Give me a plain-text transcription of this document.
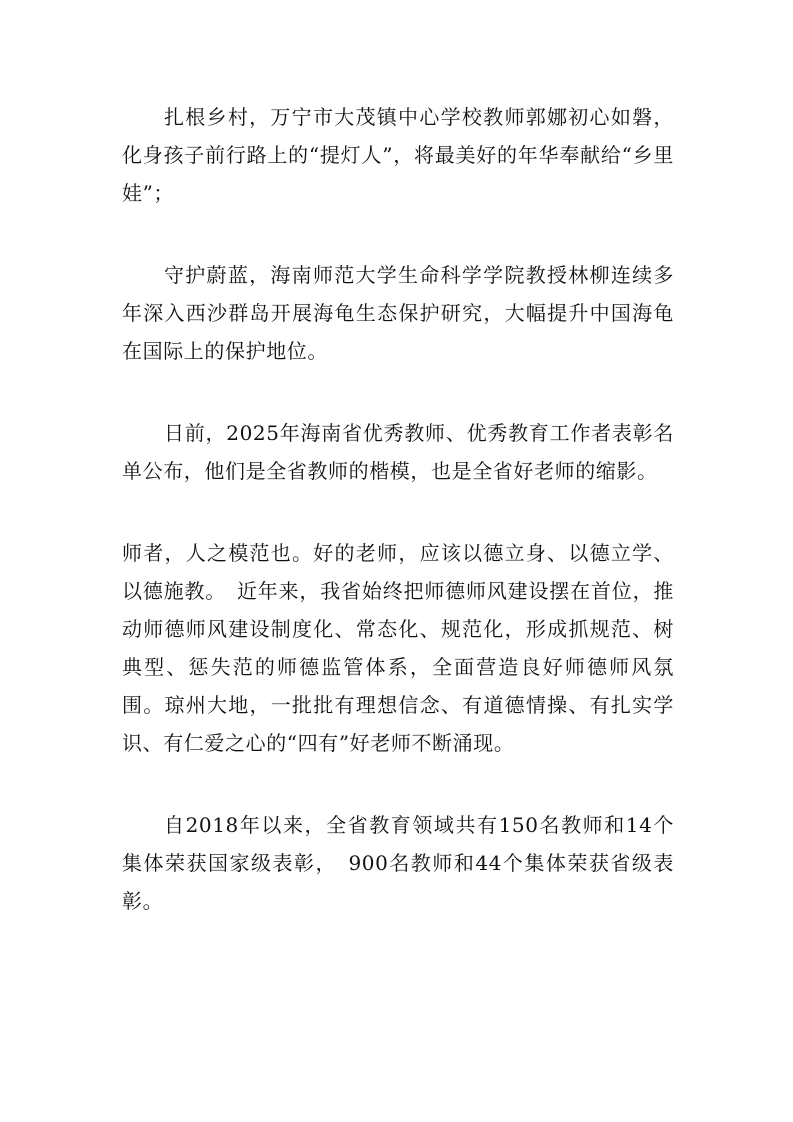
扎根乡村，万宁市大茂镇中心学校教师郭娜初心如磐，化身孩子前行路上的“提灯人”，将最美好的年华奉献给“乡里娃”；

守护蔚蓝，海南师范大学生命科学学院教授林柳连续多年深入西沙群岛开展海龟生态保护研究，大幅提升中国海龟在国际上的保护地位。

日前，2025年海南省优秀教师、优秀教育工作者表彰名单公布，他们是全省教师的楷模，也是全省好老师的缩影。

师者，人之模范也。好的老师，应该以德立身、以德立学、以德施教。　近年来，我省始终把师德师风建设摆在首位，推动师德师风建设制度化、常态化、规范化，形成抓规范、树典型、惩失范的师德监管体系，全面营造良好师德师风氛围。琼州大地，一批批有理想信念、有道德情操、有扎实学识、有仁爱之心的“四有”好老师不断涌现。

自2018年以来，全省教育领域共有150名教师和14个集体荣获国家级表彰，　900名教师和44个集体荣获省级表彰。
